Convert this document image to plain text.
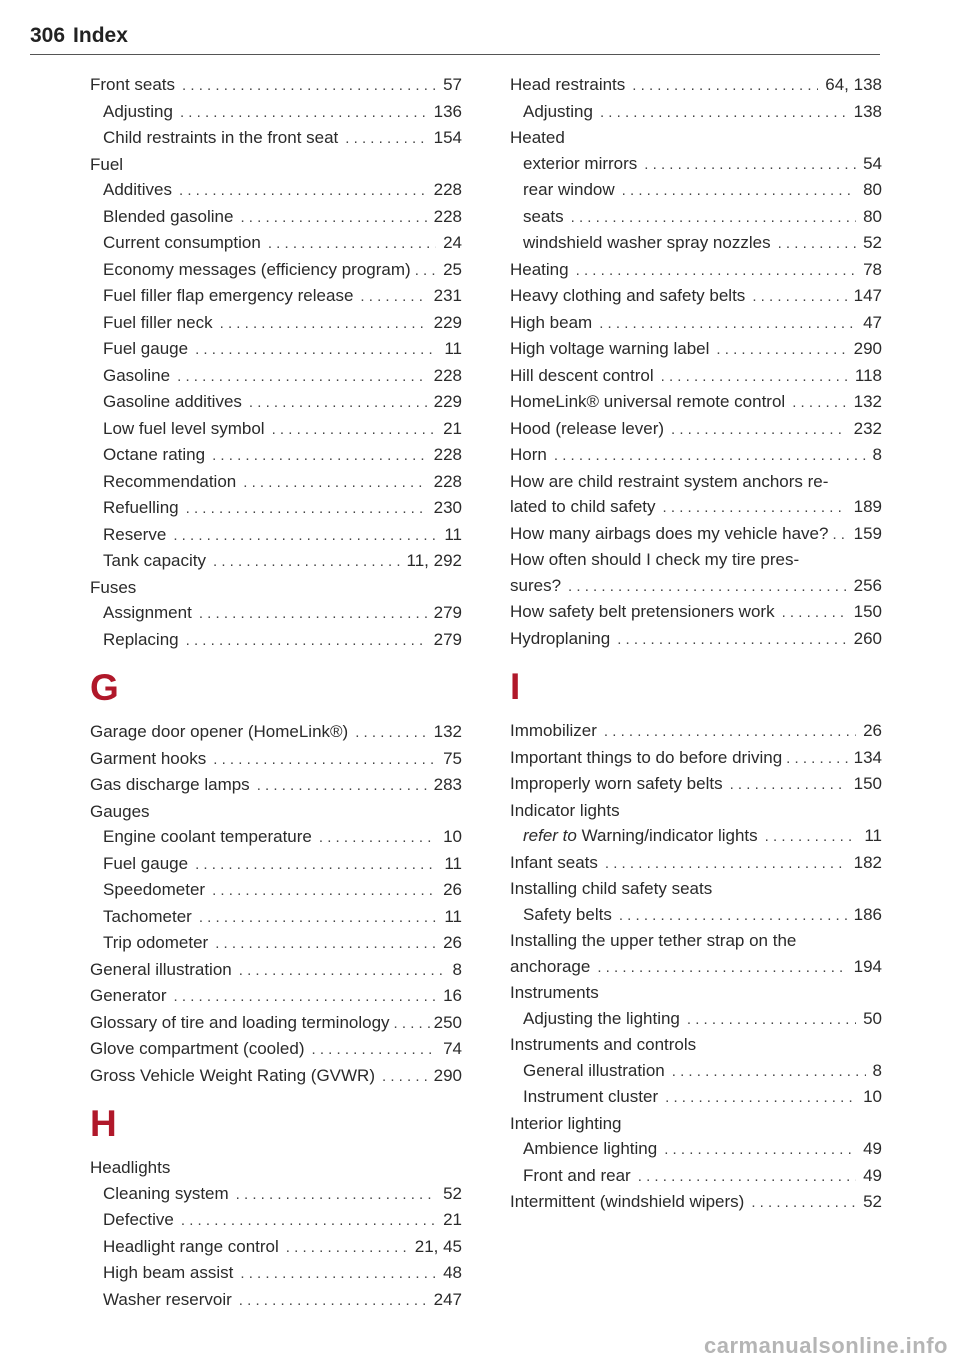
306 Index
Front seats . . .	57
Adjusting . . .	136
Child restraints in the front seat . . .	154
Fuel
Additives . . .	228
Blended gasoline . . .	228
Current consumption . . .	24
Economy messages (efficiency program) . . . 25
Fuel filler flap emergency release . . .	231
Fuel filler neck . . .	229
Fuel gauge . . .	11
Gasoline . . .	228
Gasoline additives . . .	229
Low fuel level symbol . . .	21
Octane rating . . .	228
Recommendation . . .	228
Refuelling . . .	230
Reserve . . .	11
Tank capacity . . .	11, 292
Fuses
Assignment . . .	279
Replacing . . .	279
G
Garage door opener (HomeLink®) . . .	132
Garment hooks . . .	75
Gas discharge lamps . . .	283
Gauges
Engine coolant temperature . . .	10
Fuel gauge . . .	11
Speedometer . . .	26
Tachometer . . .	11
Trip odometer . . .	26
General illustration . . .	8
Generator . . .	16
Glossary of tire and loading terminology . . .	250
Glove compartment (cooled) . . .	74
Gross Vehicle Weight Rating (GVWR) . . .	290
H
Headlights
Cleaning system . . .	52
Defective . . .	21
Headlight range control . . .	21, 45
High beam assist . . .	48
Washer reservoir . . .	247
Head restraints . . .	64, 138
Adjusting . . .	138
Heated
exterior mirrors . . .	54
rear window . . .	80
seats . . .	80
windshield washer spray nozzles . . .	52
Heating . . .	78
Heavy clothing and safety belts . . .	147
High beam . . .	47
High voltage warning label . . .	290
Hill descent control . . .	118
HomeLink® universal remote control . . .	132
Hood (release lever) . . .	232
Horn . . .	8
How are child restraint system anchors re-
lated to child safety . . .	189
How many airbags does my vehicle have? . . . 159
How often should I check my tire pres-
sures? . . .	256
How safety belt pretensioners work . . .	150
Hydroplaning . . .	260
I
Immobilizer . . .	26
Important things to do before driving . . .	134
Improperly worn safety belts . . .	150
Indicator lights
refer to Warning/indicator lights . . .	11
Infant seats . . .	182
Installing child safety seats
Safety belts . . .	186
Installing the upper tether strap on the
anchorage . . .	194
Instruments
Adjusting the lighting . . .	50
Instruments and controls
General illustration . . .	8
Instrument cluster . . .	10
Interior lighting
Ambience lighting . . .	49
Front and rear . . .	49
Intermittent (windshield wipers) . . .	52
carmanualsonline.info
